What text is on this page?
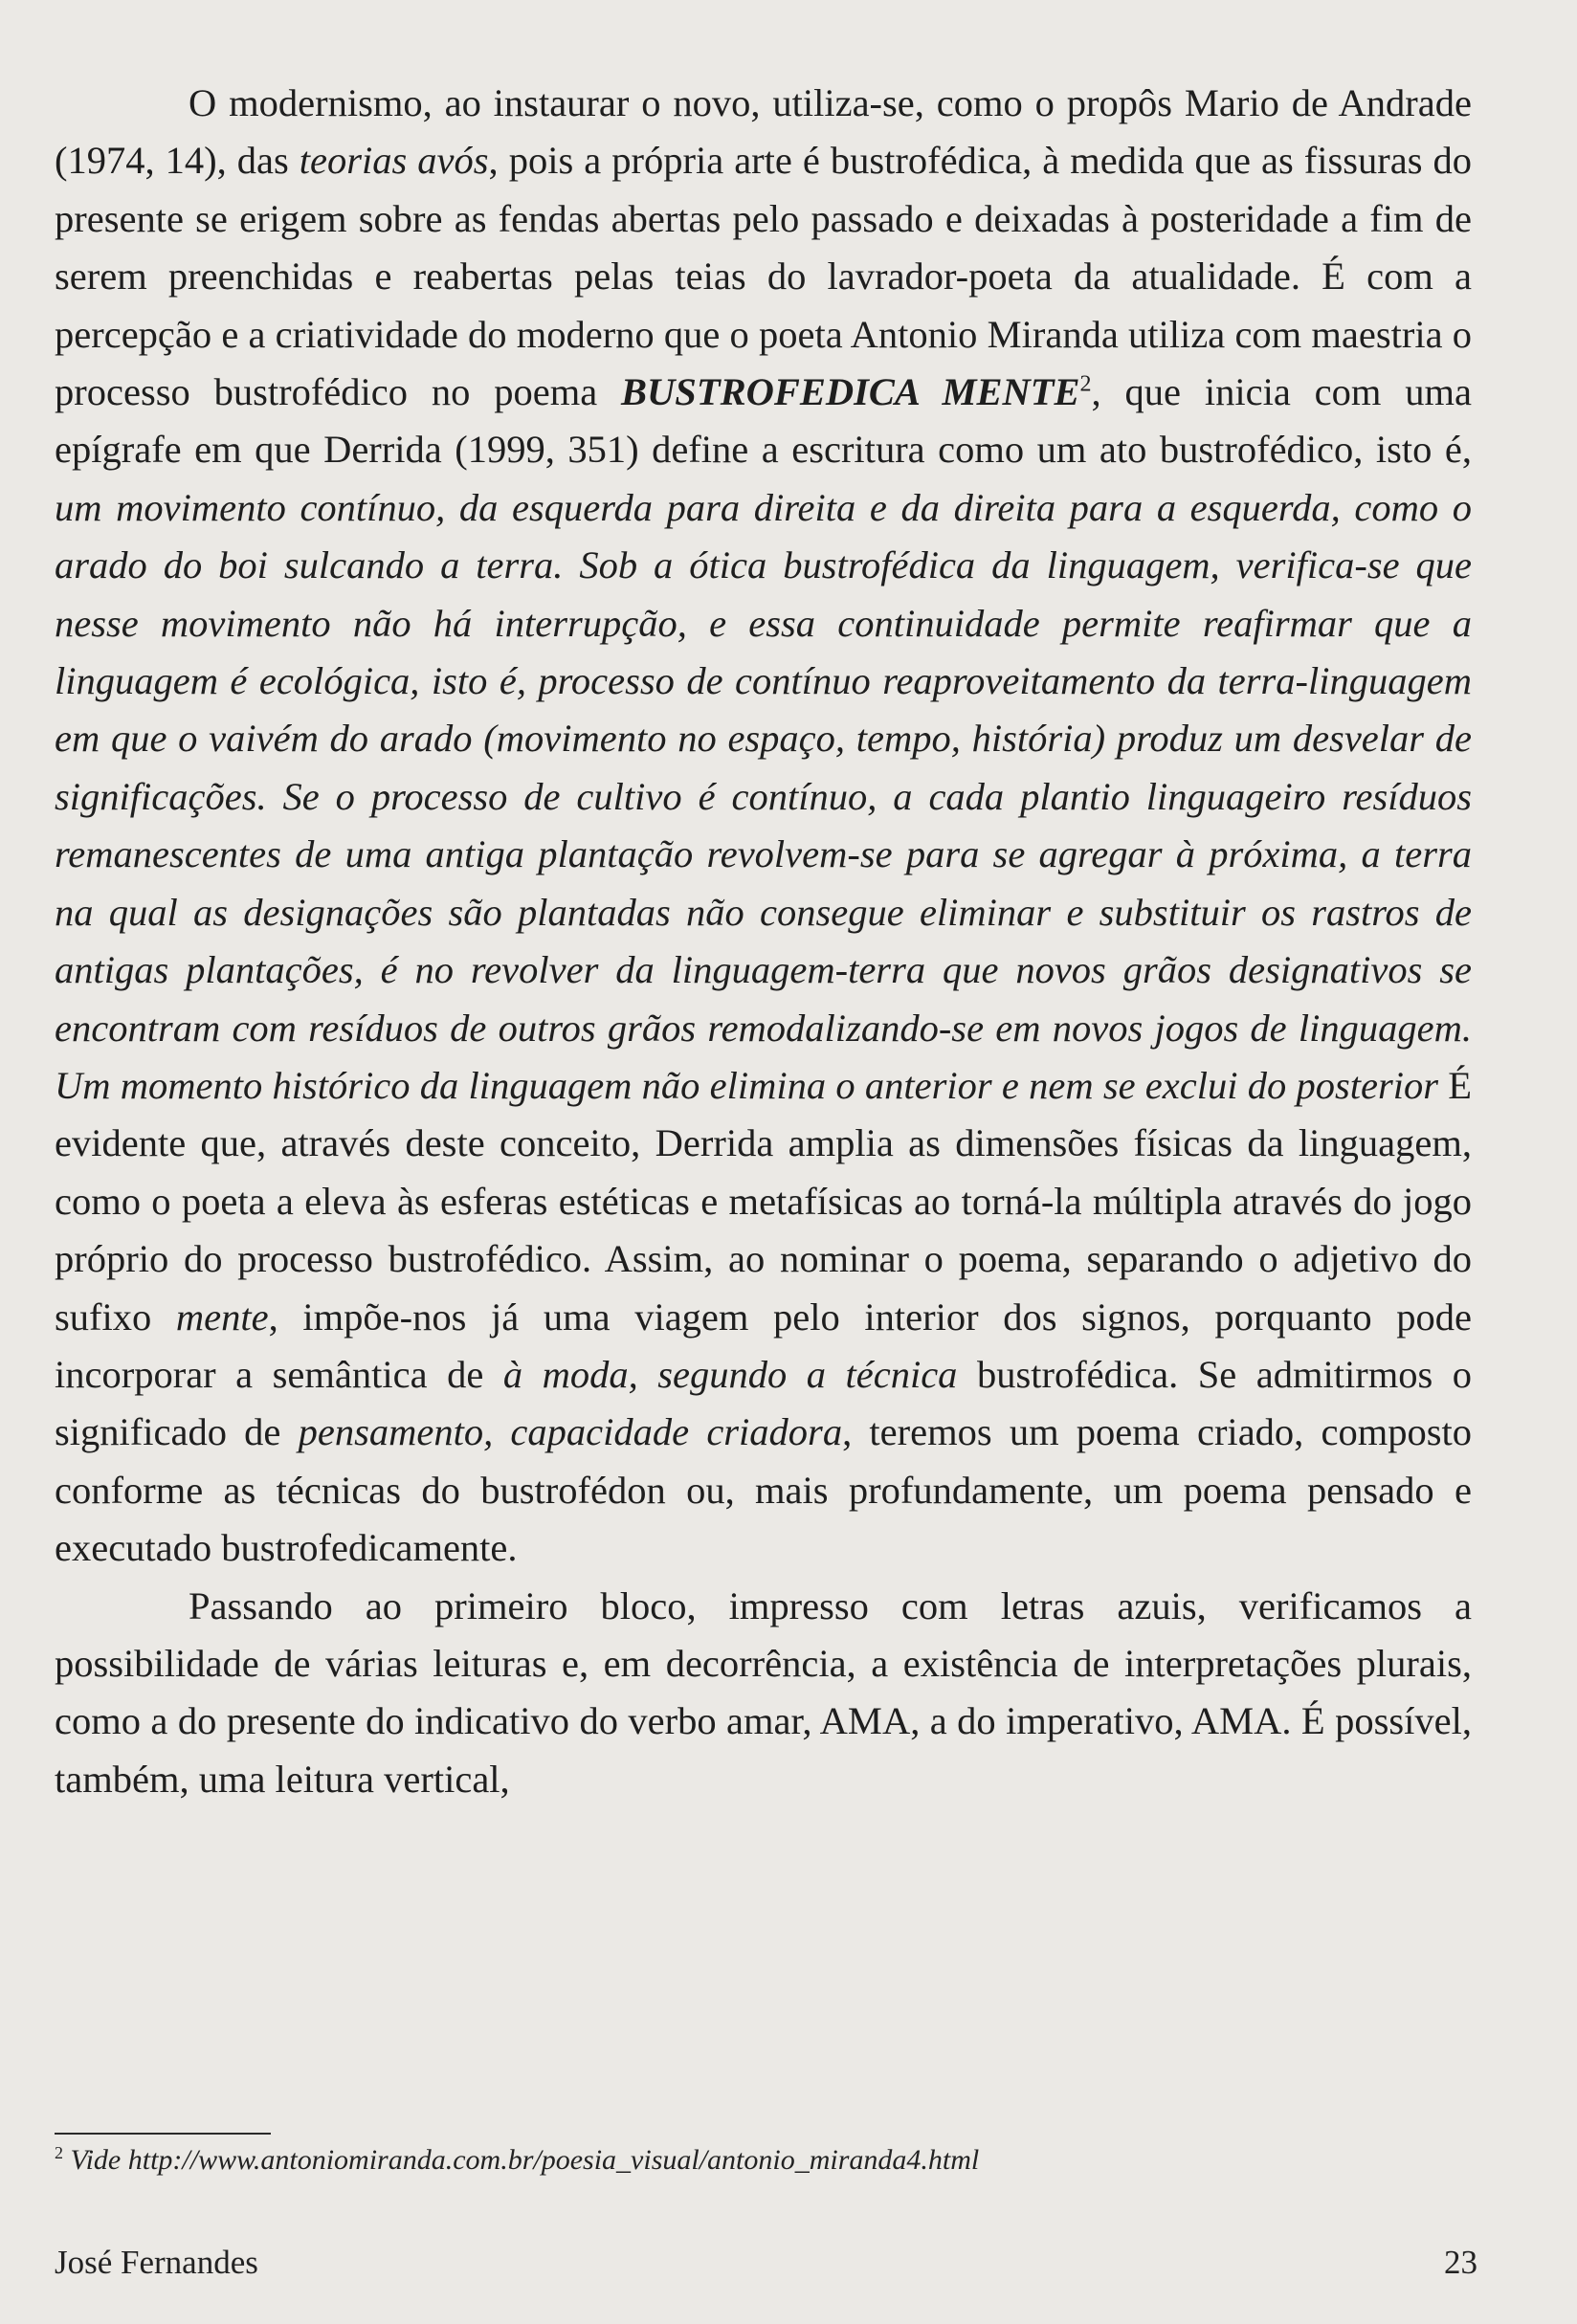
O modernismo, ao instaurar o novo, utiliza-se, como o propôs Mario de Andrade (1974, 14), das teorias avós, pois a própria arte é bustrofédica, à medida que as fissuras do presente se erigem sobre as fendas abertas pelo passado e deixadas à posteridade a fim de serem preenchidas e reabertas pelas teias do lavrador-poeta da atualidade. É com a percepção e a criatividade do moderno que o poeta Antonio Miranda utiliza com maestria o processo bustrofédico no poema BUSTROFEDICA MENTE$^2$, que inicia com uma epígrafe em que Derrida (1999, 351) define a escritura como um ato bustrofédico, isto é, um movimento contínuo, da esquerda para direita e da direita para a esquerda, como o arado do boi sulcando a terra. Sob a ótica bustrofédica da linguagem, verifica-se que nesse movimento não há interrupção, e essa continuidade permite reafirmar que a linguagem é ecológica, isto é, processo de contínuo reaproveitamento da terra-linguagem em que o vaivém do arado (movimento no espaço, tempo, história) produz um desvelar de significações. Se o processo de cultivo é contínuo, a cada plantio linguageiro resíduos remanescentes de uma antiga plantação revolvem-se para se agregar à próxima, a terra na qual as designações são plantadas não consegue eliminar e substituir os rastros de antigas plantações, é no revolver da linguagem-terra que novos grãos designativos se encontram com resíduos de outros grãos remodalizando-se em novos jogos de linguagem. Um momento histórico da linguagem não elimina o anterior e nem se exclui do posterior É evidente que, através deste conceito, Derrida amplia as dimensões físicas da linguagem, como o poeta a eleva às esferas estéticas e metafísicas ao torná-la múltipla através do jogo próprio do processo bustrofédico. Assim, ao nominar o poema, separando o adjetivo do sufixo mente, impõe-nos já uma viagem pelo interior dos signos, porquanto pode incorporar a semântica de à moda, segundo a técnica bustrofédica. Se admitirmos o significado de pensamento, capacidade criadora, teremos um poema criado, composto conforme as técnicas do bustrofédon ou, mais profundamente, um poema pensado e executado bustrofedicamente.

Passando ao primeiro bloco, impresso com letras azuis, verificamos a possibilidade de várias leituras e, em decorrência, a existência de interpretações plurais, como a do presente do indicativo do verbo amar, AMA, a do imperativo, AMA. É possível, também, uma leitura vertical,

$^2$ Vide http://www.antoniomiranda.com.br/poesia_visual/antonio_miranda4.html
José Fernandes	23
